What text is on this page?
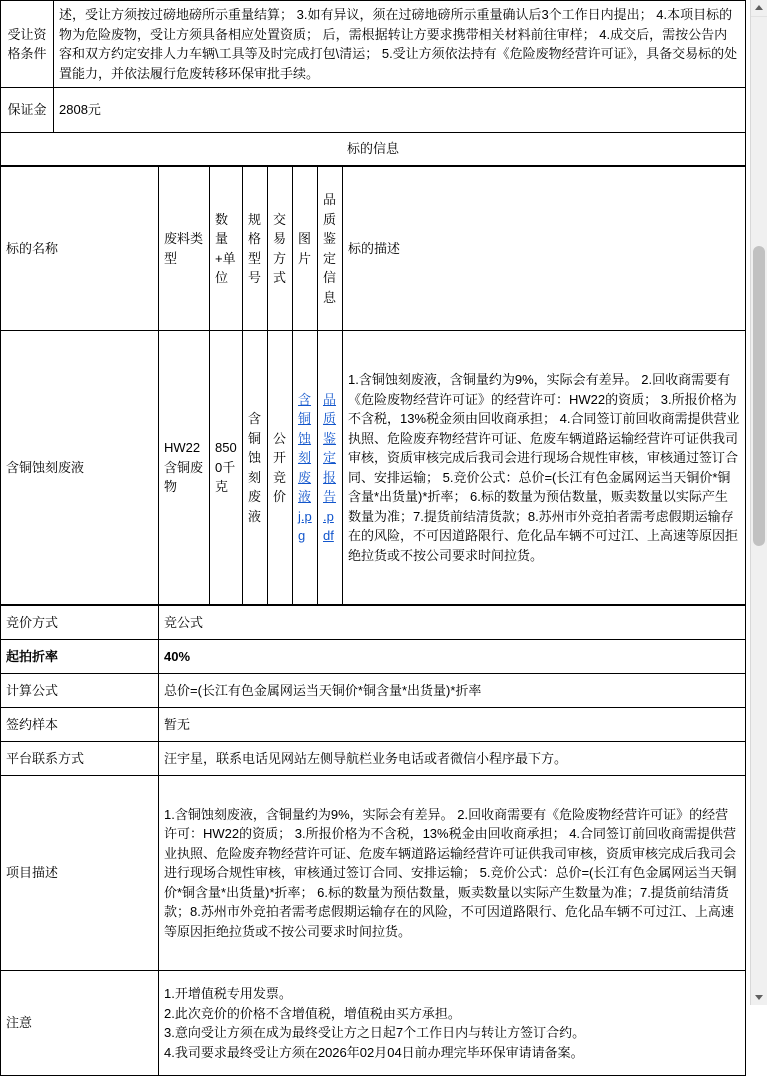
受让资格条件	述，受让方须按过磅地磅所示重量结算； 3.如有异议，须在过磅地磅所示重量确认后3个工作日内提出； 4.本项目标的物为危险废物，受让方须具备相应处置资质； 后，需根据转让方要求携带相关材料前往审样； 4.成交后，需按公告内容和双方约定安排人力车辆\工具等及时完成打包\清运； 5.受让方须依法持有《危险废物经营许可证》，具备交易标的处置能力，并依法履行危废转移环保审批手续。
保证金	2808元
标的信息	
标的名称	废料类型	数量+单位	规格型号	交易方式	图片	品质鉴定信息	标的描述
含铜蚀刻废液	HW22含铜废物	8500千克	含铜蚀刻废液	公开竞价	含铜蚀刻废液j.pg	品质鉴定报告.pdf	1.含铜蚀刻废液，含铜量约为9%，实际会有差异。 2.回收商需要有《危险废物经营许可证》的经营许可：HW22的资质； 3.所报价格为不含税，13%税金须由回收商承担； 4.合同签订前回收商需提供营业执照、危险废弃物经营许可证、危废车辆道路运输经营许可证供我司审核，资质审核完成后我司会进行现场合规性审核，审核通过签订合同、安排运输； 5.竞价公式：总价=(长江有色金属网运当天铜价*铜含量*出货量)*折率； 6.标的数量为预估数量，贩卖数量以实际产生数量为准；7.提货前结清货款；8.苏州市外竞拍者需考虑假期运输存在的风险，不可因道路限行、危化品车辆不可过江、上高速等原因拒绝拉货或不按公司要求时间拉货。
竞价方式	竞公式
起拍折率	40%
计算公式	总价=(长江有色金属网运当天铜价*铜含量*出货量)*折率
签约样本	暂无
平台联系方式	汪宇星，联系电话见网站左侧导航栏业务电话或者微信小程序最下方。
项目描述	1.含铜蚀刻废液，含铜量约为9%，实际会有差异。 2.回收商需要有《危险废物经营许可证》的经营许可：HW22的资质； 3.所报价格为不含税，13%税金由回收商承担； 4.合同签订前回收商需提供营业执照、危险废弃物经营许可证、危废车辆道路运输经营许可证供我司审核，资质审核完成后我司会进行现场合规性审核，审核通过签订合同、安排运输； 5.竞价公式：总价=(长江有色金属网运当天铜价*铜含量*出货量)*折率； 6.标的数量为预估数量，贩卖数量以实际产生数量为准；7.提货前结清货款；8.苏州市外竞拍者需考虑假期运输存在的风险，不可因道路限行、危化品车辆不可过江、上高速等原因拒绝拉货或不按公司要求时间拉货。
注意	1.开增值税专用发票。
2.此次竞价的价格不含增值税，增值税由买方承担。
3.意向受让方须在成为最终受让方之日起7个工作日内与转让方签订合约。
4.我司要求最终受让方须在2026年02月04日前办理完毕环保审请请备案。
